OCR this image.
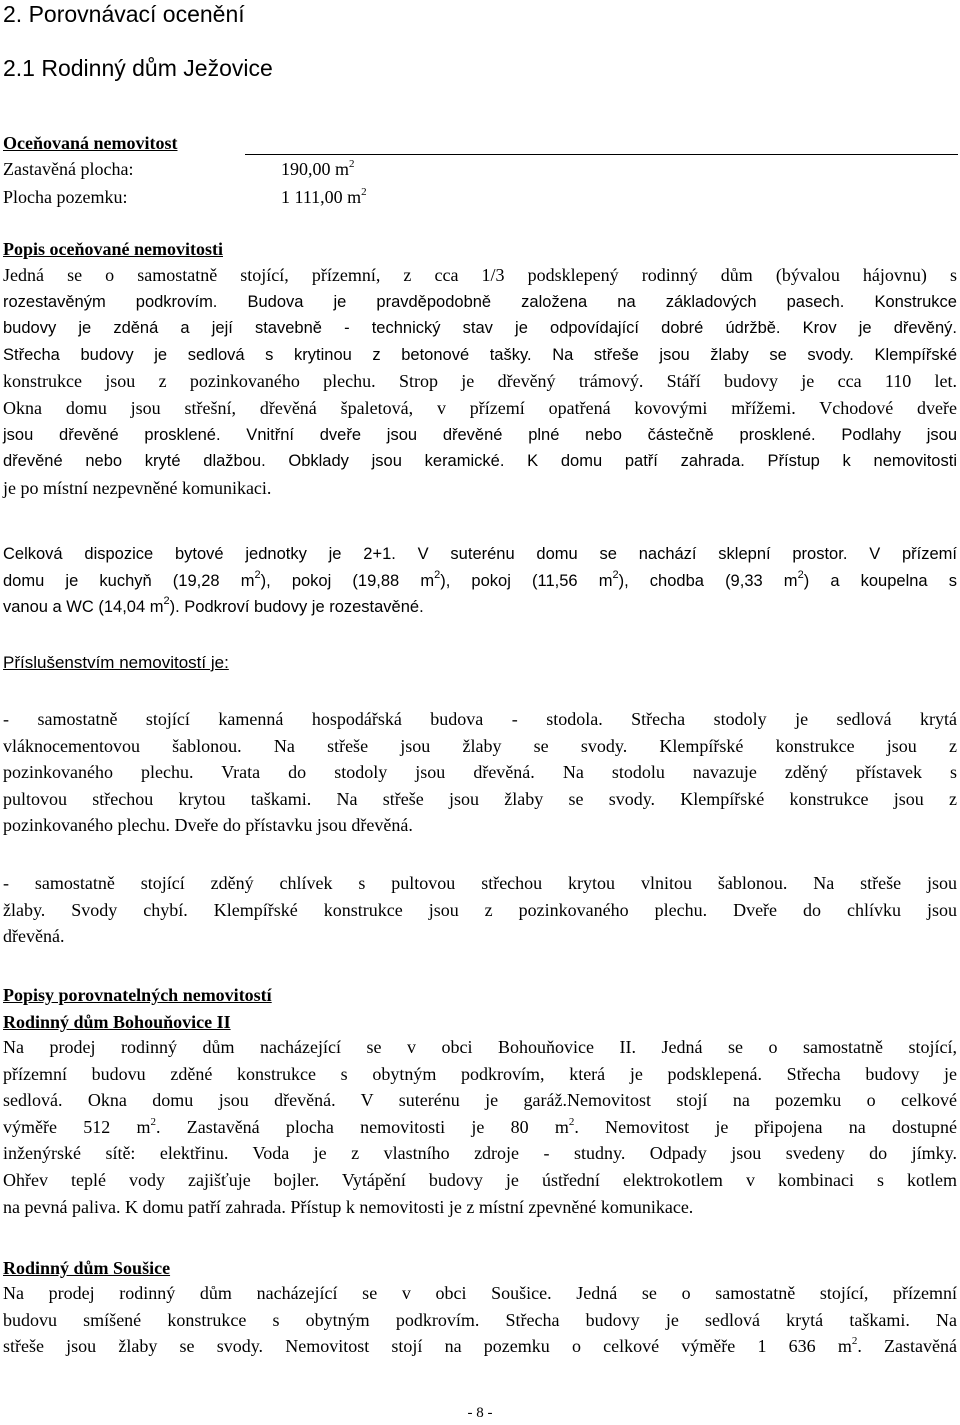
2. Porovnávací ocenění
2.1 Rodinný dům Ježovice
Oceňovaná nemovitost
Zastavěná plocha:	190,00 $m^2$
Plocha pozemku:	1 111,00 $m^2$
Popis oceňované nemovitosti
Jedná se o samostatně stojící, přízemní, z cca 1/3 podsklepený rodinný dům (bývalou hájovnu) s
rozestavěným podkrovím. Budova je pravděpodobně založena na základových pasech. Konstrukce
budovy je zděná a její stavebně - technický stav je odpovídající dobré údržbě. Krov je dřevěný.
Střecha budovy je sedlová s krytinou z betonové tašky. Na střeše jsou žlaby se svody. Klempířské
konstrukce jsou z pozinkovaného plechu. Strop je dřevěný trámový. Stáří budovy je cca 110 let.
Okna domu jsou střešní, dřevěná špaletová, v přízemí opatřená kovovými mřížemi. Vchodové dveře
jsou dřevěné prosklené. Vnitřní dveře jsou dřevěné plné nebo částečně prosklené. Podlahy jsou
dřevěné nebo kryté dlažbou. Obklady jsou keramické. K domu patří zahrada. Přístup k nemovitosti
je po místní nezpevněné komunikaci.
Celková dispozice bytové jednotky je 2+1. V suterénu domu se nachází sklepní prostor. V přízemí
domu je kuchyň (19,28 $m^2$), pokoj (19,88 $m^2$), pokoj (11,56 $m^2$), chodba (9,33 $m^2$) a koupelna s
vanou a WC (14,04 $m^2$). Podkroví budovy je rozestavěné.
Příslušenstvím nemovitostí je:
- samostatně stojící kamenná hospodářská budova - stodola. Střecha stodoly je sedlová krytá
vláknocementovou šablonou. Na střeše jsou žlaby se svody. Klempířské konstrukce jsou z
pozinkovaného plechu. Vrata do stodoly jsou dřevěná. Na stodolu navazuje zděný přístavek s
pultovou střechou krytou taškami. Na střeše jsou žlaby se svody. Klempířské konstrukce jsou z
pozinkovaného plechu. Dveře do přístavku jsou dřevěná.
- samostatně stojící zděný chlívek s pultovou střechou krytou vlnitou šablonou. Na střeše jsou
žlaby. Svody chybí. Klempířské konstrukce jsou z pozinkovaného plechu. Dveře do chlívku jsou
dřevěná.
Popisy porovnatelných nemovitostí
Rodinný dům Bohouňovice II
Na prodej rodinný dům nacházející se v obci Bohouňovice II. Jedná se o samostatně stojící,
přízemní budovu zděné konstrukce s obytným podkrovím, která je podsklepená. Střecha budovy je
sedlová. Okna domu jsou dřevěná. V suterénu je garáž.Nemovitost stojí na pozemku o celkové
výměře 512 $m^2$. Zastavěná plocha nemovitosti je 80 $m^2$. Nemovitost je připojena na dostupné
inženýrské sítě: elektřinu. Voda je z vlastního zdroje - studny. Odpady jsou svedeny do jímky.
Ohřev teplé vody zajišťuje bojler. Vytápění budovy je ústřední elektrokotlem v kombinaci s kotlem
na pevná paliva. K domu patří zahrada. Přístup k nemovitosti je z místní zpevněné komunikace.
Rodinný dům Soušice
Na prodej rodinný dům nacházející se v obci Soušice. Jedná se o samostatně stojící, přízemní
budovu smíšené konstrukce s obytným podkrovím. Střecha budovy je sedlová krytá taškami. Na
střeše jsou žlaby se svody. Nemovitost stojí na pozemku o celkové výměře 1 636 $m^2$. Zastavěná
- 8 -
